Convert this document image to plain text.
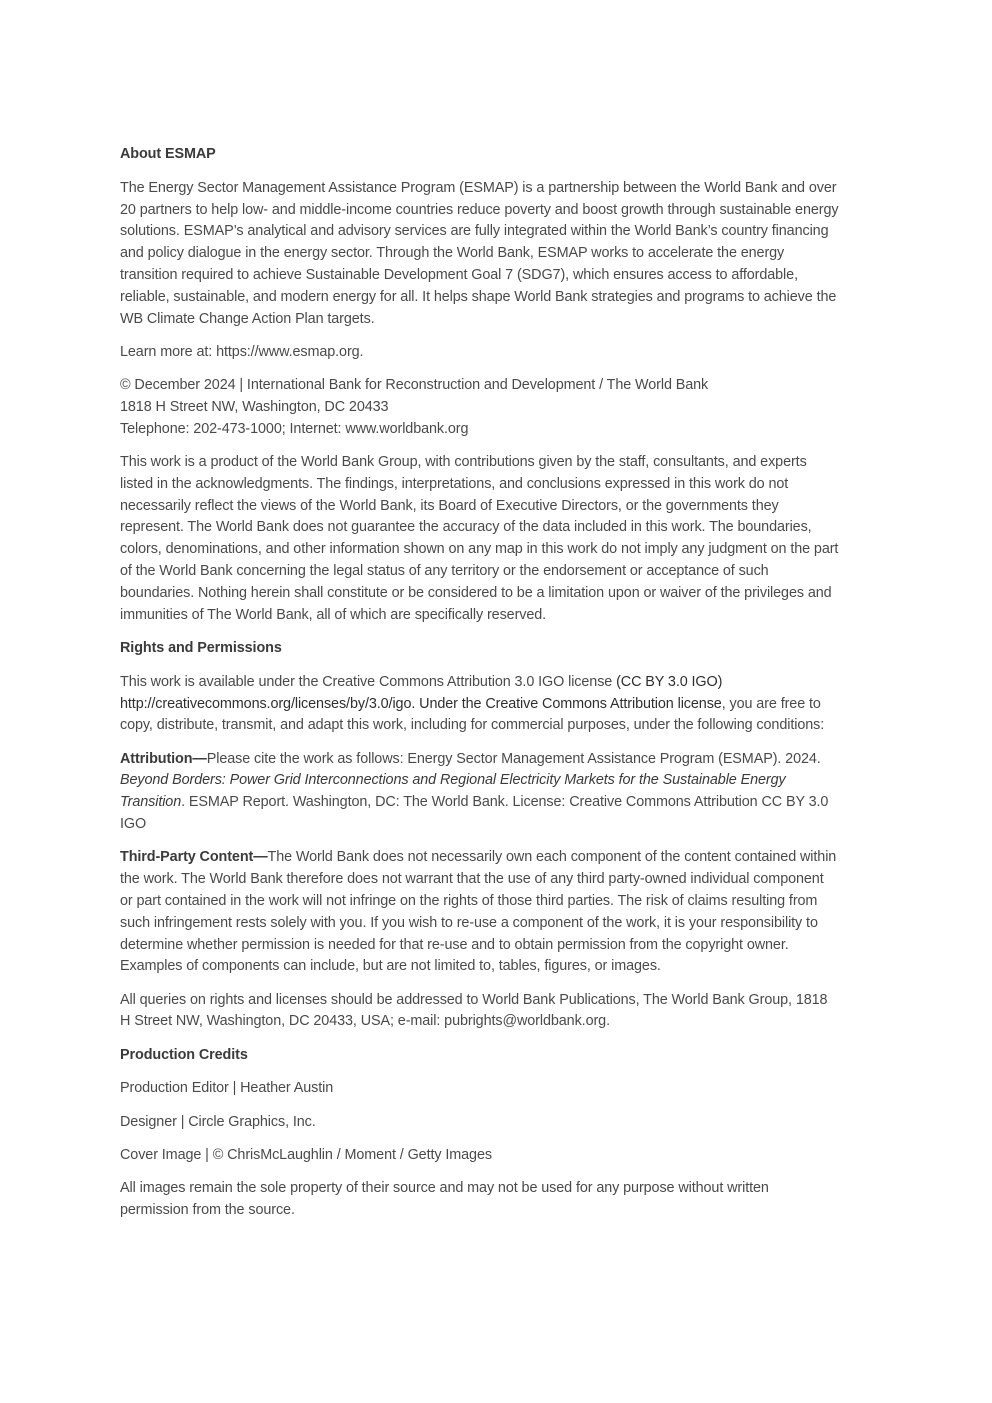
About ESMAP

The Energy Sector Management Assistance Program (ESMAP) is a partnership between the World Bank and over 20 partners to help low- and middle-income countries reduce poverty and boost growth through sustainable energy solutions. ESMAP’s analytical and advisory services are fully integrated within the World Bank’s country financing and policy dialogue in the energy sector. Through the World Bank, ESMAP works to accelerate the energy transition required to achieve Sustainable Development Goal 7 (SDG7), which ensures access to affordable, reliable, sustainable, and modern energy for all. It helps shape World Bank strategies and programs to achieve the WB Climate Change Action Plan targets.

Learn more at: https://www.esmap.org.

© December 2024 | International Bank for Reconstruction and Development / The World Bank
1818 H Street NW, Washington, DC 20433
Telephone: 202-473-1000; Internet: www.worldbank.org

This work is a product of the World Bank Group, with contributions given by the staff, consultants, and experts listed in the acknowledgments. The findings, interpretations, and conclusions expressed in this work do not necessarily reflect the views of the World Bank, its Board of Executive Directors, or the governments they represent. The World Bank does not guarantee the accuracy of the data included in this work. The boundaries, colors, denominations, and other information shown on any map in this work do not imply any judgment on the part of the World Bank concerning the legal status of any territory or the endorsement or acceptance of such boundaries. Nothing herein shall constitute or be considered to be a limitation upon or waiver of the privileges and immunities of The World Bank, all of which are specifically reserved.

Rights and Permissions

This work is available under the Creative Commons Attribution 3.0 IGO license (CC BY 3.0 IGO) http://creativecommons.org/licenses/by/3.0/igo. Under the Creative Commons Attribution license, you are free to copy, distribute, transmit, and adapt this work, including for commercial purposes, under the following conditions:

Attribution—Please cite the work as follows: Energy Sector Management Assistance Program (ESMAP). 2024. Beyond Borders: Power Grid Interconnections and Regional Electricity Markets for the Sustainable Energy Transition. ESMAP Report. Washington, DC: The World Bank. License: Creative Commons Attribution CC BY 3.0 IGO

Third-Party Content—The World Bank does not necessarily own each component of the content contained within the work. The World Bank therefore does not warrant that the use of any third party-owned individual component or part contained in the work will not infringe on the rights of those third parties. The risk of claims resulting from such infringement rests solely with you. If you wish to re-use a component of the work, it is your responsibility to determine whether permission is needed for that re-use and to obtain permission from the copyright owner. Examples of components can include, but are not limited to, tables, figures, or images.

All queries on rights and licenses should be addressed to World Bank Publications, The World Bank Group, 1818 H Street NW, Washington, DC 20433, USA; e-mail: pubrights@worldbank.org.

Production Credits

Production Editor | Heather Austin

Designer | Circle Graphics, Inc.

Cover Image | © ChrisMcLaughlin / Moment / Getty Images

All images remain the sole property of their source and may not be used for any purpose without written permission from the source.
